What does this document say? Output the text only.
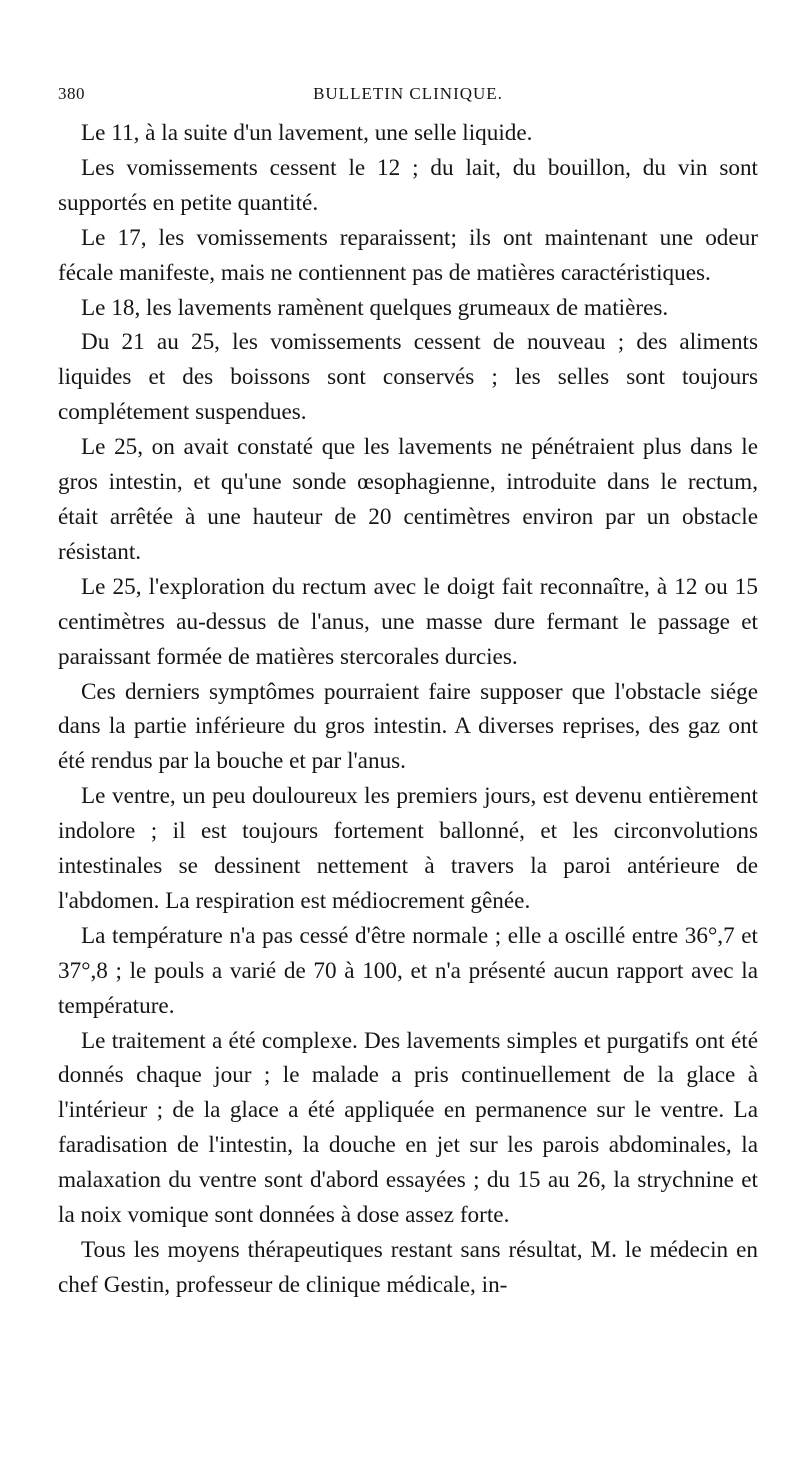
380	BULLETIN CLINIQUE.

Le 11, à la suite d'un lavement, une selle liquide.

Les vomissements cessent le 12 ; du lait, du bouillon, du vin sont supportés en petite quantité.

Le 17, les vomissements reparaissent; ils ont maintenant une odeur fécale manifeste, mais ne contiennent pas de matières caractéristiques.

Le 18, les lavements ramènent quelques grumeaux de matières.

Du 21 au 25, les vomissements cessent de nouveau ; des aliments liquides et des boissons sont conservés ; les selles sont toujours complétement suspendues.

Le 25, on avait constaté que les lavements ne pénétraient plus dans le gros intestin, et qu'une sonde œsophagienne, introduite dans le rectum, était arrêtée à une hauteur de 20 centimètres environ par un obstacle résistant.

Le 25, l'exploration du rectum avec le doigt fait reconnaître, à 12 ou 15 centimètres au-dessus de l'anus, une masse dure fermant le passage et paraissant formée de matières stercorales durcies.

Ces derniers symptômes pourraient faire supposer que l'obstacle siége dans la partie inférieure du gros intestin. A diverses reprises, des gaz ont été rendus par la bouche et par l'anus.

Le ventre, un peu douloureux les premiers jours, est devenu entièrement indolore ; il est toujours fortement ballonné, et les circonvolutions intestinales se dessinent nettement à travers la paroi antérieure de l'abdomen. La respiration est médiocrement gênée.

La température n'a pas cessé d'être normale ; elle a oscillé entre 36°,7 et 37°,8 ; le pouls a varié de 70 à 100, et n'a présenté aucun rapport avec la température.

Le traitement a été complexe. Des lavements simples et purgatifs ont été donnés chaque jour ; le malade a pris continuellement de la glace à l'intérieur ; de la glace a été appliquée en permanence sur le ventre. La faradisation de l'intestin, la douche en jet sur les parois abdominales, la malaxation du ventre sont d'abord essayées ; du 15 au 26, la strychnine et la noix vomique sont données à dose assez forte.

Tous les moyens thérapeutiques restant sans résultat, M. le médecin en chef Gestin, professeur de clinique médicale, in-
